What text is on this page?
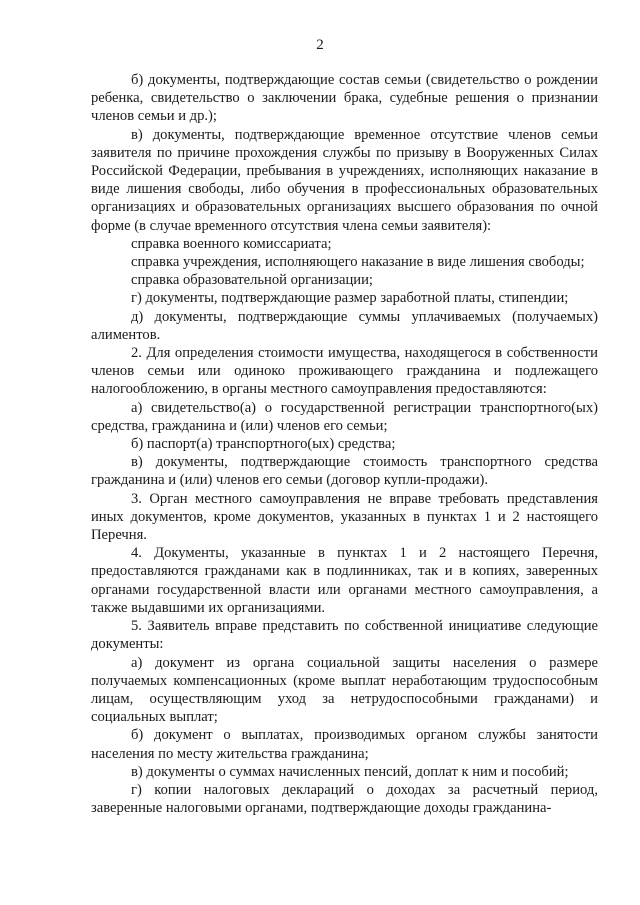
2

б) документы, подтверждающие состав семьи (свидетельство о рождении ребенка, свидетельство о заключении брака, судебные решения о признании членов семьи и др.);

в) документы, подтверждающие временное отсутствие членов семьи заявителя по причине прохождения службы по призыву в Вооруженных Силах Российской Федерации, пребывания в учреждениях, исполняющих наказание в виде лишения свободы, либо обучения в профессиональных образовательных организациях и образовательных организациях высшего образования по очной форме (в случае временного отсутствия члена семьи заявителя):

справка военного комиссариата;

справка учреждения, исполняющего наказание в виде лишения свободы;

справка образовательной организации;

г) документы, подтверждающие размер заработной платы, стипендии;

д) документы, подтверждающие суммы уплачиваемых (получаемых) алиментов.

2. Для определения стоимости имущества, находящегося в собственности членов семьи или одиноко проживающего гражданина и подлежащего налогообложению, в органы местного самоуправления предоставляются:

а) свидетельство(а) о государственной регистрации транспортного(ых) средства, гражданина и (или) членов его семьи;

б) паспорт(а) транспортного(ых) средства;

в) документы, подтверждающие стоимость транспортного средства гражданина и (или) членов его семьи (договор купли-продажи).

3. Орган местного самоуправления не вправе требовать представления иных документов, кроме документов, указанных в пунктах 1 и 2 настоящего Перечня.

4. Документы, указанные в пунктах 1 и 2 настоящего Перечня, предоставляются гражданами как в подлинниках, так и в копиях, заверенных органами государственной власти или органами местного самоуправления, а также выдавшими их организациями.

5. Заявитель вправе представить по собственной инициативе следующие документы:

а) документ из органа социальной защиты населения о размере получаемых компенсационных (кроме выплат неработающим трудоспособным лицам, осуществляющим уход за нетрудоспособными гражданами) и социальных выплат;

б) документ о выплатах, производимых органом службы занятости населения по месту жительства гражданина;

в) документы о суммах начисленных пенсий, доплат к ним и пособий;

г) копии налоговых деклараций о доходах за расчетный период, заверенные налоговыми органами, подтверждающие доходы гражданина-
